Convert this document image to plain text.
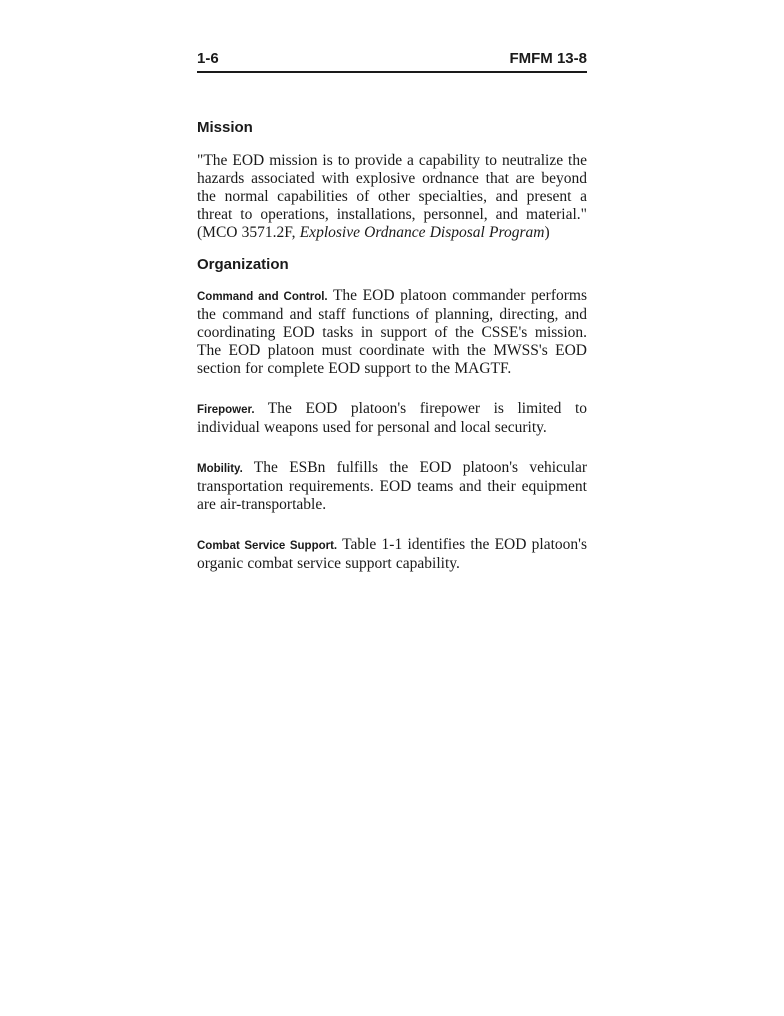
1-6	FMFM 13-8
Mission

"The EOD mission is to provide a capability to neutralize the hazards associated with explosive ordnance that are beyond the normal capabilities of other specialties, and present a threat to operations, installations, personnel, and material." (MCO 3571.2F, Explosive Ordnance Disposal Program)

Organization

Command and Control. The EOD platoon commander performs the command and staff functions of planning, directing, and coordinating EOD tasks in support of the CSSE's mission. The EOD platoon must coordinate with the MWSS's EOD section for complete EOD support to the MAGTF.

Firepower. The EOD platoon's firepower is limited to individual weapons used for personal and local security.

Mobility. The ESBn fulfills the EOD platoon's vehicular transportation requirements. EOD teams and their equipment are air-transportable.

Combat Service Support. Table 1-1 identifies the EOD platoon's organic combat service support capability.
